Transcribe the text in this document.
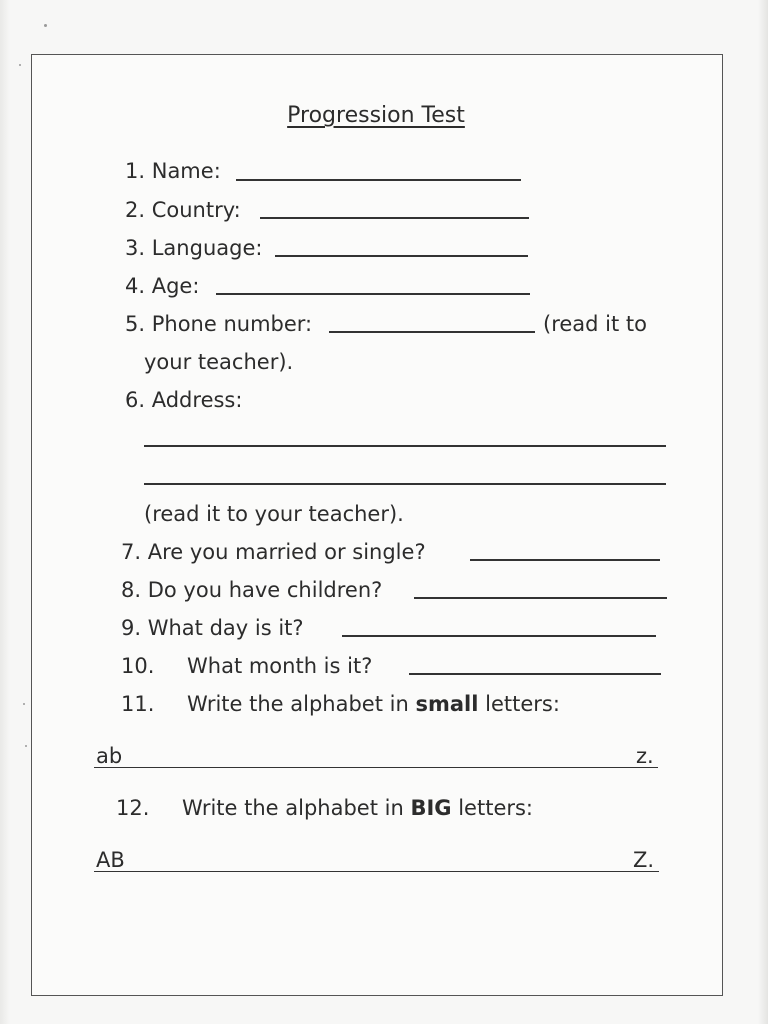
Progression Test
1. Name:
2. Country:
3. Language:
4. Age:
5. Phone number:	(read it to
your teacher).
6. Address:
(read it to your teacher).
7. Are you married or single?
8. Do you have children?
9. What day is it?
10. What month is it?
11. Write the alphabet in small letters:
ab	z.
12. Write the alphabet in BIG letters:
AB	Z.
